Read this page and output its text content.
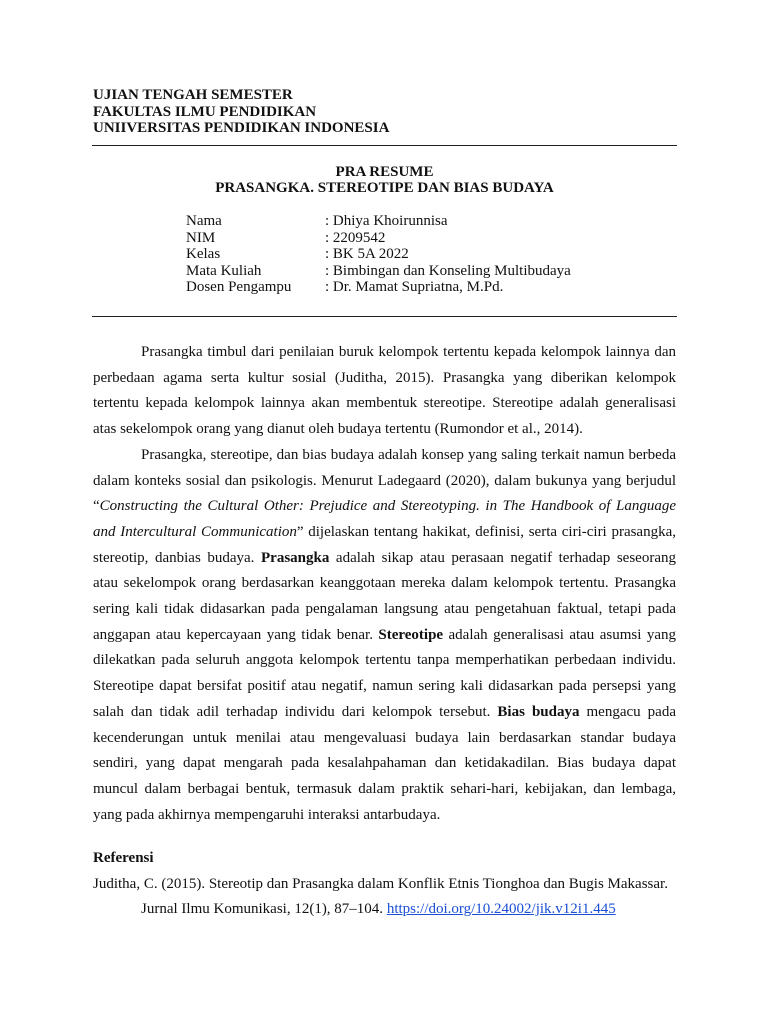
UJIAN TENGAH SEMESTER
FAKULTAS ILMU PENDIDIKAN
UNIIVERSITAS PENDIDIKAN INDONESIA
PRA RESUME
PRASANGKA. STEREOTIPE DAN BIAS BUDAYA
Nama	: Dhiya Khoirunnisa
NIM	: 2209542
Kelas	: BK 5A 2022
Mata Kuliah	: Bimbingan dan Konseling Multibudaya
Dosen Pengampu	: Dr. Mamat Supriatna, M.Pd.

Prasangka timbul dari penilaian buruk kelompok tertentu kepada kelompok lainnya dan perbedaan agama serta kultur sosial (Juditha, 2015). Prasangka yang diberikan kelompok tertentu kepada kelompok lainnya akan membentuk stereotipe. Stereotipe adalah generalisasi atas sekelompok orang yang dianut oleh budaya tertentu (Rumondor et al., 2014).

Prasangka, stereotipe, dan bias budaya adalah konsep yang saling terkait namun berbeda dalam konteks sosial dan psikologis. Menurut Ladegaard (2020), dalam bukunya yang berjudul “Constructing the Cultural Other: Prejudice and Stereotyping. in The Handbook of Language and Intercultural Communication” dijelaskan tentang hakikat, definisi, serta ciri-ciri prasangka, stereotip, danbias budaya. Prasangka adalah sikap atau perasaan negatif terhadap seseorang atau sekelompok orang berdasarkan keanggotaan mereka dalam kelompok tertentu. Prasangka sering kali tidak didasarkan pada pengalaman langsung atau pengetahuan faktual, tetapi pada anggapan atau kepercayaan yang tidak benar. Stereotipe adalah generalisasi atau asumsi yang dilekatkan pada seluruh anggota kelompok tertentu tanpa memperhatikan perbedaan individu. Stereotipe dapat bersifat positif atau negatif, namun sering kali didasarkan pada persepsi yang salah dan tidak adil terhadap individu dari kelompok tersebut. Bias budaya mengacu pada kecenderungan untuk menilai atau mengevaluasi budaya lain berdasarkan standar budaya sendiri, yang dapat mengarah pada kesalahpahaman dan ketidakadilan. Bias budaya dapat muncul dalam berbagai bentuk, termasuk dalam praktik sehari-hari, kebijakan, dan lembaga, yang pada akhirnya mempengaruhi interaksi antarbudaya.

Referensi
Juditha, C. (2015). Stereotip dan Prasangka dalam Konflik Etnis Tionghoa dan Bugis Makassar. Jurnal Ilmu Komunikasi, 12(1), 87–104. https://doi.org/10.24002/jik.v12i1.445
